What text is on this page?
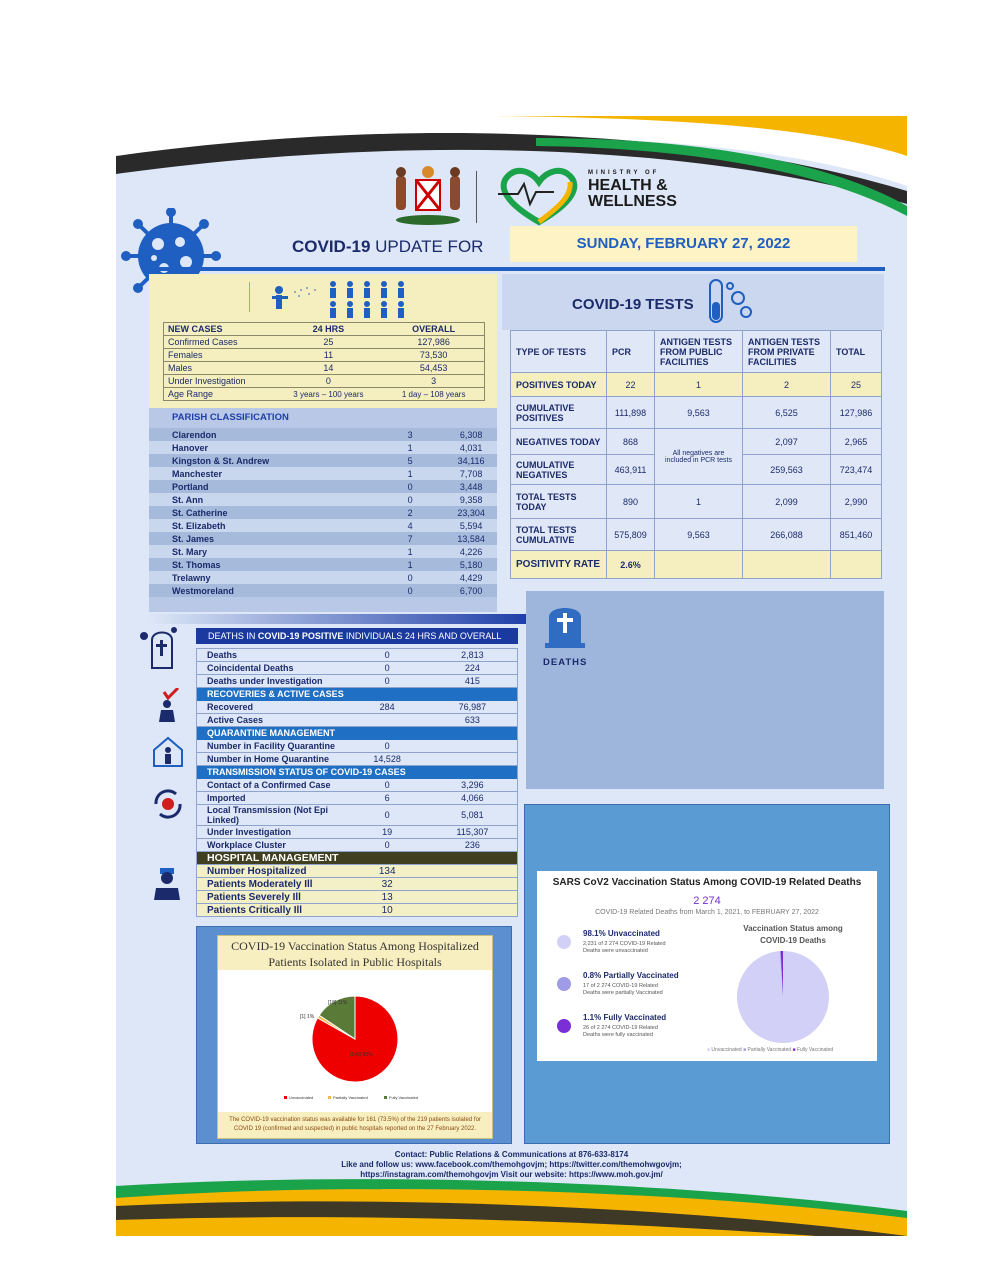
MINISTRY OF
HEALTH &
WELLNESS
COVID-19 UPDATE FOR	SUNDAY, FEBRUARY 27, 2022
NEW CASES	24 HRS	OVERALL
Confirmed Cases	25	127,986
Females	11	73,530
Males	14	54,453
Under Investigation	0	3
Age Range	3 years – 100 years	1 day – 108 years
PARISH CLASSIFICATION
Clarendon	3	6,308
Hanover	1	4,031
Kingston & St. Andrew	5	34,116
Manchester	1	7,708
Portland	0	3,448
St. Ann	0	9,358
St. Catherine	2	23,304
St. Elizabeth	4	5,594
St. James	7	13,584
St. Mary	1	4,226
St. Thomas	1	5,180
Trelawny	0	4,429
Westmoreland	0	6,700
COVID-19 TESTS
TYPE OF TESTS	PCR	ANTIGEN TESTS FROM PUBLIC FACILITIES	ANTIGEN TESTS FROM PRIVATE FACILITIES	TOTAL
POSITIVES TODAY	22	1	2	25
CUMULATIVE POSITIVES	111,898	9,563	6,525	127,986
NEGATIVES TODAY	868	All negatives are included in PCR tests	2,097	2,965
CUMULATIVE NEGATIVES	463,911		259,563	723,474
TOTAL TESTS TODAY	890	1	2,099	2,990
TOTAL TESTS CUMULATIVE	575,809	9,563	266,088	851,460
POSITIVITY RATE	2.6%			
DEATHS
DEATHS IN COVID-19 POSITIVE INDIVIDUALS 24 HRS AND OVERALL
Deaths	0	2,813
Coincidental Deaths	0	224
Deaths under Investigation	0	415
RECOVERIES & ACTIVE CASES		
Recovered	284	76,987
Active Cases		633
QUARANTINE MANAGEMENT		
Number in Facility Quarantine	0	
Number in Home Quarantine	14,528	
TRANSMISSION STATUS OF COVID-19 CASES		
Contact of a Confirmed Case	0	3,296
Imported	6	4,066
Local Transmission (Not Epi Linked)	0	5,081
Under Investigation	19	115,307
Workplace Cluster	0	236
HOSPITAL MANAGEMENT		
Number Hospitalized	134	
Patients Moderately Ill	32	
Patients Severely Ill	13	
Patients Critically Ill	10	
COVID-19 Vaccination Status Among Hospitalized
Patients Isolated in Public Hospitals
[1] 1%
[18] 11%
[142] 88%
Unvaccinated	Partially Vaccinated	Fully Vaccinated
The COVID-19 vaccination status was available for 161 (73.5%) of the 219 patients isolated for
COVID 19 (confirmed and suspected) in public hospitals reported on the 27 February 2022.
SARS CoV2 Vaccination Status Among COVID-19 Related Deaths
2 274
COVID-19 Related Deaths from March 1, 2021, to FEBRUARY 27, 2022
98.1% Unvaccinated
2,231 of 2 274 COVID-19 Related
Deaths were unvaccinated
0.8% Partially Vaccinated
17 of 2 274 COVID-19 Related
Deaths were partially Vaccinated
1.1% Fully Vaccinated
26 of 2 274 COVID-19 Related
Deaths were fully vaccinated
Vaccination Status among
COVID-19 Deaths
■ Unvaccinated ■ Partially Vaccinated ■ Fully Vaccinated
Contact: Public Relations & Communications at 876-633-8174
Like and follow us: www.facebook.com/themohgovjm; https://twitter.com/themohwgovjm;
https://instagram.com/themohgovjm Visit our website: https://www.moh.gov.jm/
